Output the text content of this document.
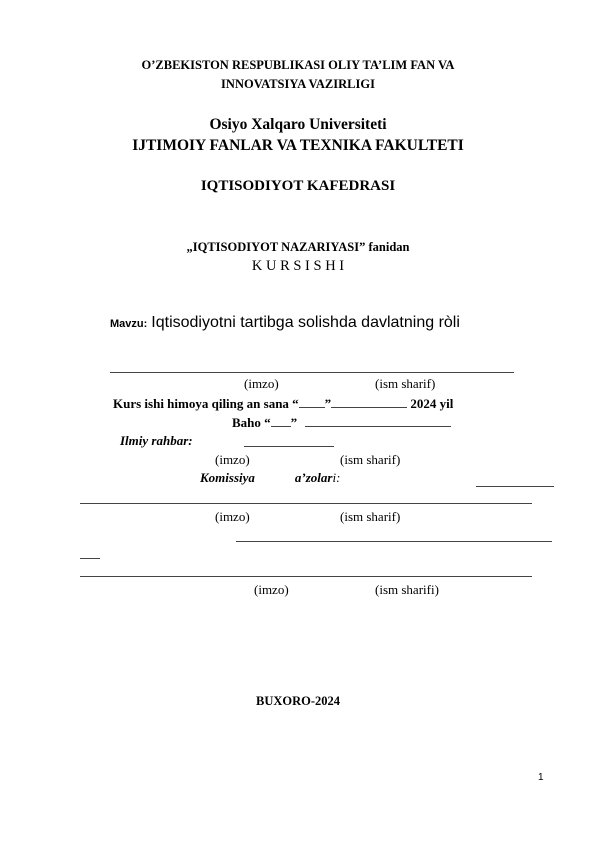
O’ZBEKISTON RESPUBLIKASI OLIY TA’LIM FAN VA
INNOVATSIYA VAZIRLIGI
Osiyo Xalqaro Universiteti
IJTIMOIY FANLAR VA TEXNIKA FAKULTETI
IQTISODIYOT KAFEDRASI
„IQTISODIYOT NAZARIYASI” fanidan
K U R S I S H I
Mavzu: Iqtisodiyotni tartibga solishda davlatning ròli
(imzo)	(ism sharif)
Kurs ishi himoya qiling an sana “ ”	2024 yil
Baho “ ”
Ilmiy rahbar:
(imzo)	(ism sharif)
Komissiya	a’zolari:
(imzo)	(ism sharif)
(imzo)	(ism sharifi)
BUXORO-2024
1
